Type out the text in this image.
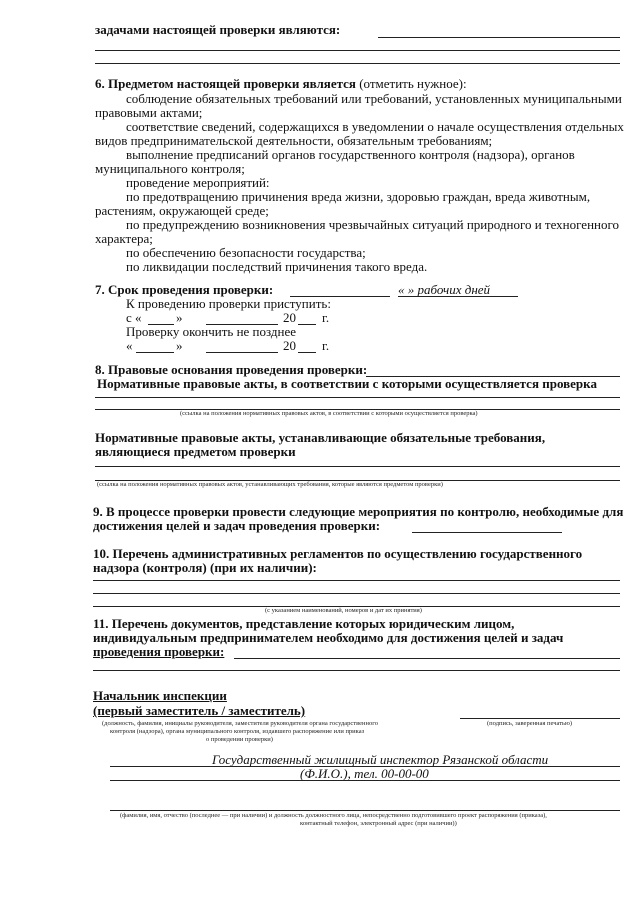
задачами настоящей проверки являются:
6. Предметом настоящей проверки является (отметить нужное):
соблюдение обязательных требований или требований, установленных муниципальными
правовыми актами;
соответствие сведений, содержащихся в уведомлении о начале осуществления отдельных
видов предпринимательской деятельности, обязательным требованиям;
выполнение предписаний органов государственного контроля (надзора), органов
муниципального контроля;
проведение мероприятий:
по предотвращению причинения вреда жизни, здоровью граждан, вреда животным,
растениям, окружающей среде;
по предупреждению возникновения чрезвычайных ситуаций природного и техногенного
характера;
по обеспечению безопасности государства;
по ликвидации последствий причинения такого вреда.
7. Срок проведения проверки:	« » рабочих дней
К проведению проверки приступить:
с «	»	20 г.
Проверку окончить не позднее
«	»	20 г.
8. Правовые основания проведения проверки:
Нормативные правовые акты, в соответствии с которыми осуществляется проверка
(ссылка на положения нормативных правовых актов, в соответствии с которыми осуществляется проверка)
Нормативные правовые акты, устанавливающие обязательные требования,
являющиеся предметом проверки
(ссылка на положения нормативных правовых актов, устанавливающих требования, которые являются предметом проверки)
9. В процессе проверки провести следующие мероприятия по контролю, необходимые для
достижения целей и задач проведения проверки:
10. Перечень административных регламентов по осуществлению государственного
надзора (контроля) (при их наличии):
(с указанием наименований, номеров и дат их принятия)
11. Перечень документов, представление которых юридическим лицом,
индивидуальным предпринимателем необходимо для достижения целей и задач
проведения проверки:
Начальник инспекции
(первый заместитель / заместитель)
(должность, фамилия, инициалы руководителя, заместителя руководителя органа государственного
контроля (надзора), органа муниципального контроля, издавшего распоряжение или приказ
о проведении проверки)
(подпись, заверенная печатью)
Государственный жилищный инспектор Рязанской области
(Ф.И.О.), тел. 00-00-00
(фамилия, имя, отчество (последнее — при наличии) и должность должностного лица, непосредственно подготовившего проект распоряжения (приказа),
контактный телефон, электронный адрес (при наличии))
